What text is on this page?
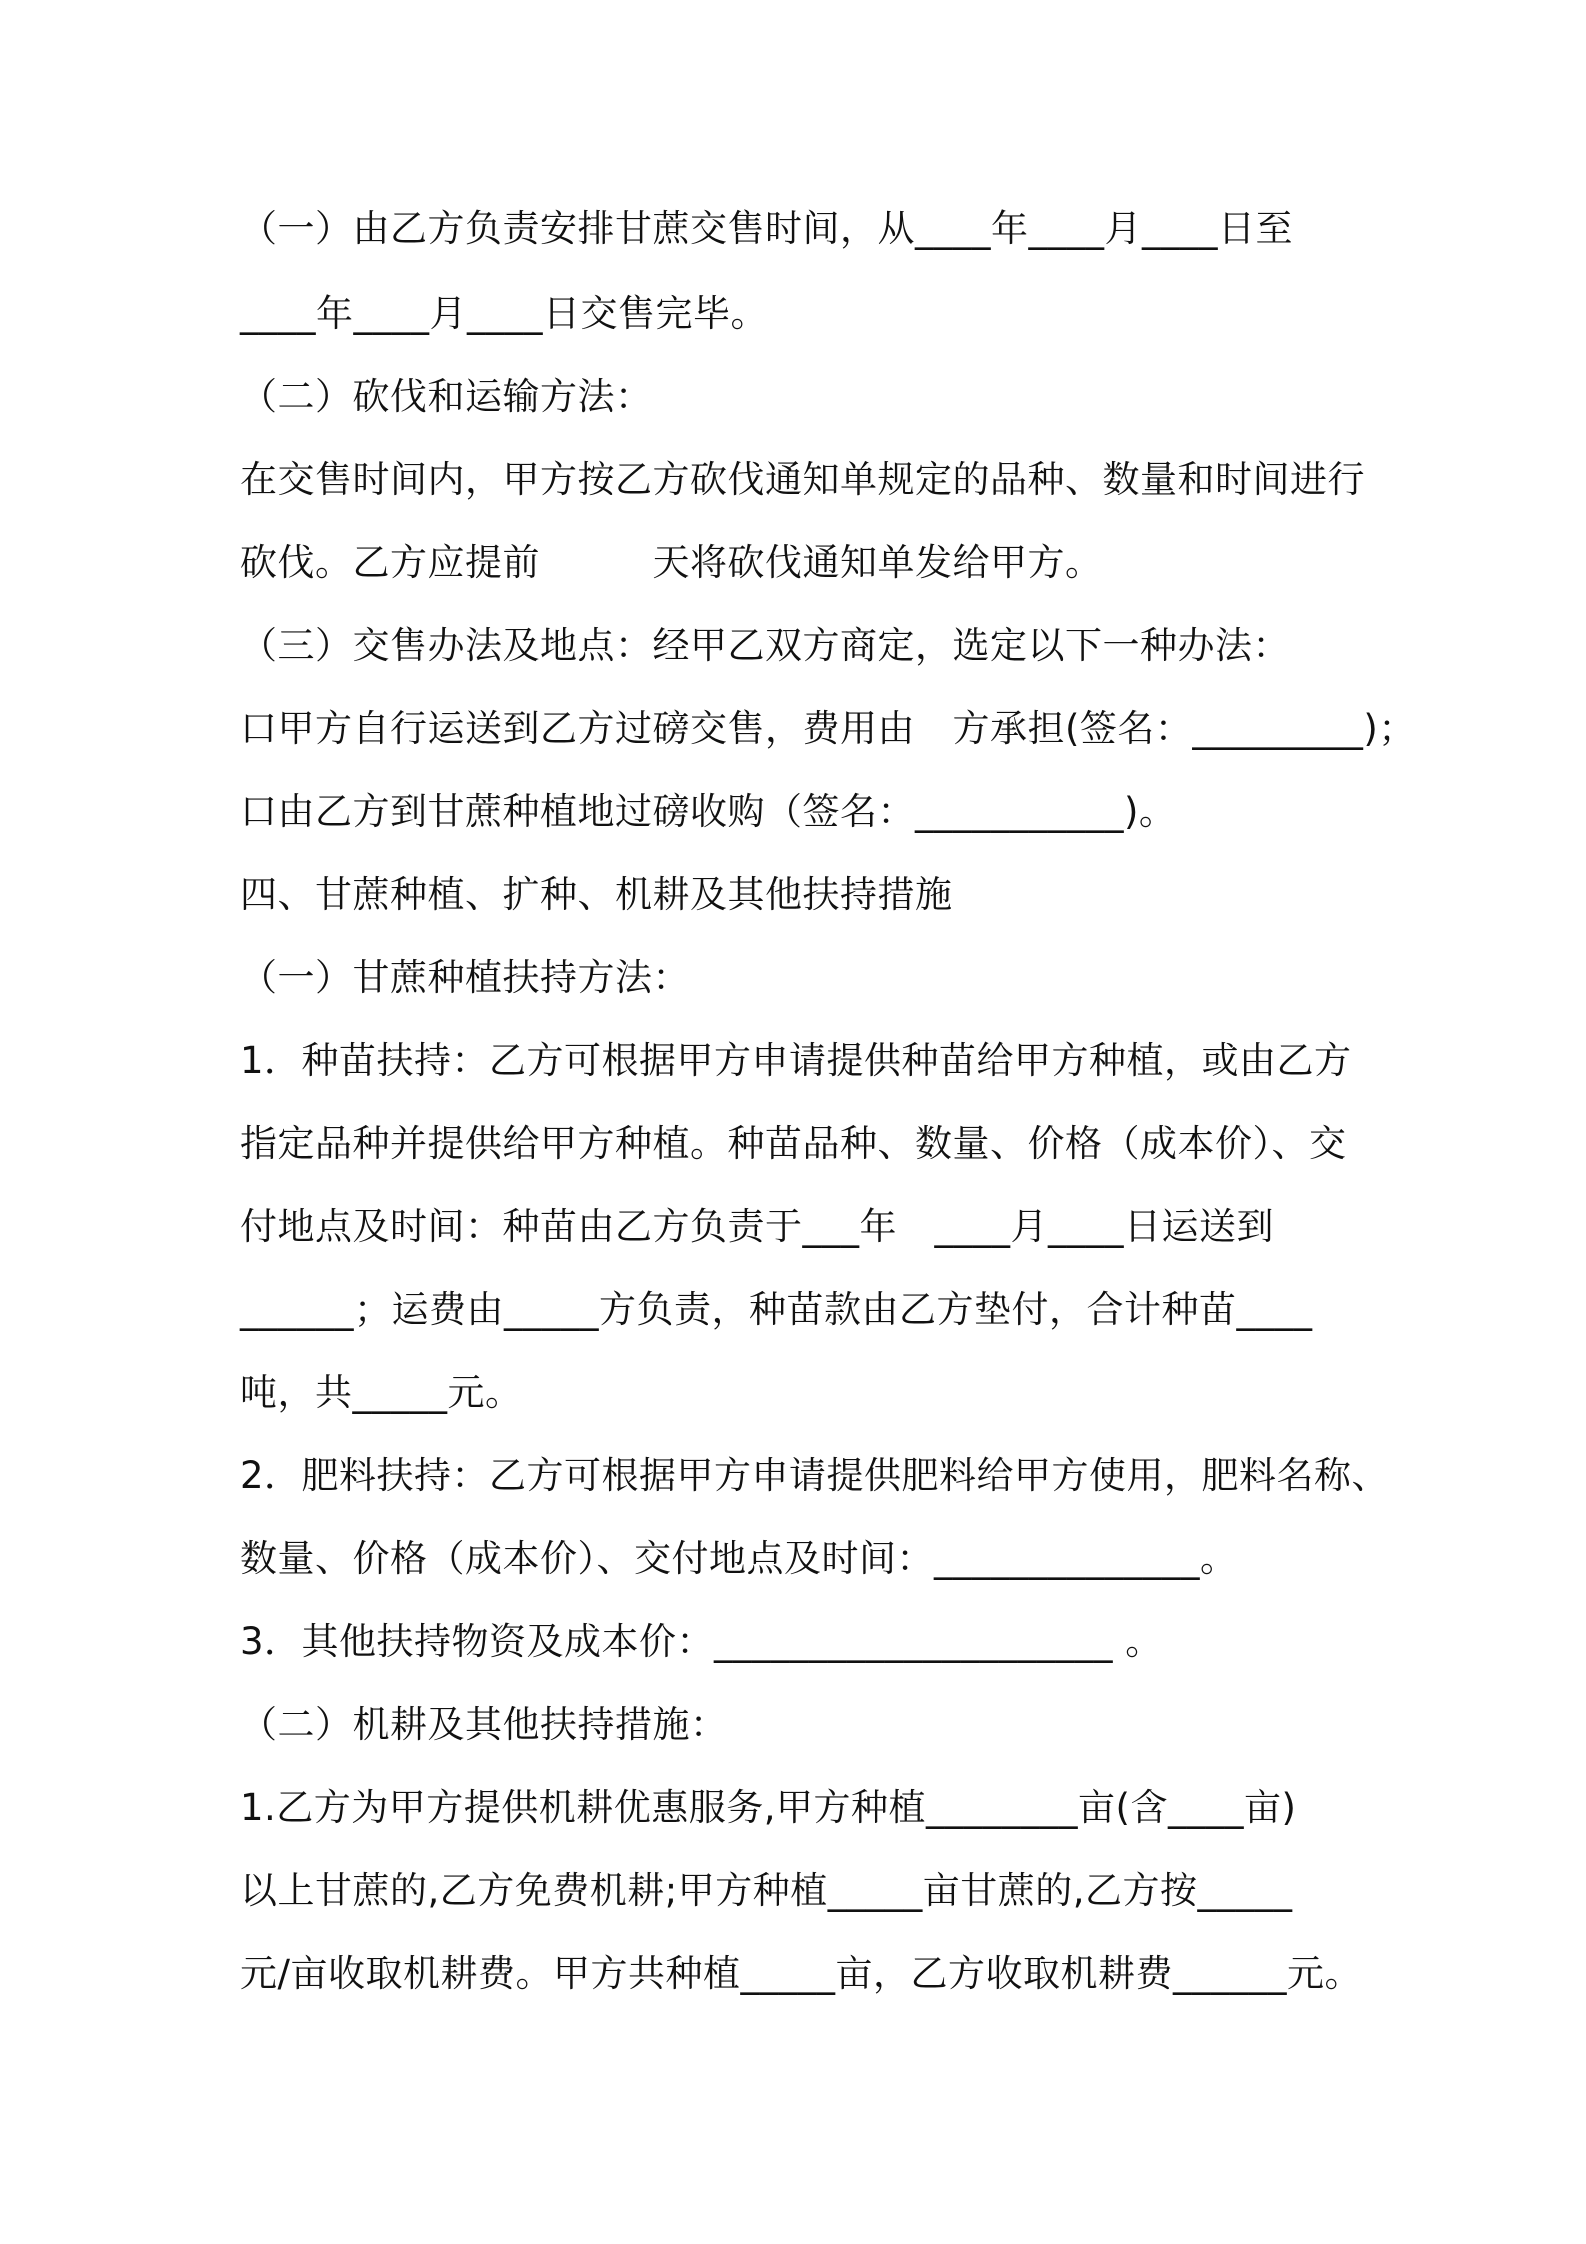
（一）由乙方负责安排甘蔗交售时间，从____年____月____日至
____年____月____日交售完毕。
（二）砍伐和运输方法：
在交售时间内，甲方按乙方砍伐通知单规定的品种、数量和时间进行
砍伐。乙方应提前　　　天将砍伐通知单发给甲方。
（三）交售办法及地点：经甲乙双方商定，选定以下一种办法：
口甲方自行运送到乙方过磅交售，费用由　方承担(签名：_________)；
口由乙方到甘蔗种植地过磅收购（签名：___________)。
四、甘蔗种植、扩种、机耕及其他扶持措施
（一）甘蔗种植扶持方法：
1．种苗扶持：乙方可根据甲方申请提供种苗给甲方种植，或由乙方
指定品种并提供给甲方种植。种苗品种、数量、价格（成本价）、交
付地点及时间：种苗由乙方负责于___年　____月____日运送到
______；运费由_____方负责，种苗款由乙方垫付，合计种苗____
吨，共_____元。
2．肥料扶持：乙方可根据甲方申请提供肥料给甲方使用，肥料名称、
数量、价格（成本价）、交付地点及时间：______________。
3．其他扶持物资及成本价：_____________________ 。
（二）机耕及其他扶持措施：
1.乙方为甲方提供机耕优惠服务,甲方种植________亩(含____亩)
以上甘蔗的,乙方免费机耕;甲方种植_____亩甘蔗的,乙方按_____
元/亩收取机耕费。甲方共种植_____亩，乙方收取机耕费______元。
